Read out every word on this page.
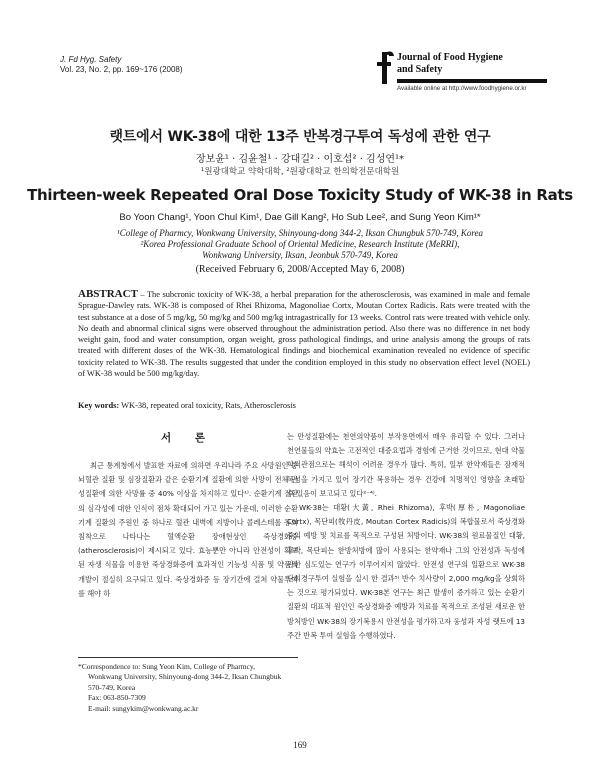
J. Fd Hyg. Safety
Vol. 23, No. 2, pp. 169~176 (2008)
Journal of Food Hygiene
and Safety
Available online at http://www.foodhygiene.or.kr
랫트에서 WK-38에 대한 13주 반복경구투여 독성에 관한 연구
장보윤¹ · 김윤철¹ · 강대길² · 이호섭² · 김성연¹*
¹원광대학교 약학대학, ²원광대학교 한의학전문대학원
Thirteen-week Repeated Oral Dose Toxicity Study of WK-38 in Rats
Bo Yoon Chang¹, Yoon Chul Kim¹, Dae Gill Kang², Ho Sub Lee², and Sung Yeon Kim¹*
¹College of Pharmcy, Wonkwang University, Shinyoung-dong 344-2, Iksan Chungbuk 570-749, Korea
²Korea Professional Graduate School of Oriental Medicine, Research Institute (MeRRI),
Wonkwang University, Iksan, Jeonbuk 570-749, Korea
(Received February 6, 2008/Accepted May 6, 2008)
ABSTRACT – The subcronic toxicity of WK-38, a herbal preparation for the atherosclerosis, was examined in male and female Sprague-Dawley rats. WK-38 is composed of Rhei Rhizoma, Magonoliae Cortx, Moutan Cortex Radicis. Rats were treated with the test substance at a dose of 5 mg/kg, 50 mg/kg and 500 mg/kg intragastrically for 13 weeks. Control rats were treated with vehicle only. No death and abnormal clinical signs were observed throughout the administration period. Also there was no difference in net body weight gain, food and water consumption, organ weight, gross pathological findings, and urine analysis among the groups of rats treated with different doses of the WK-38. Hematological findings and biochemical examination revealed no evidence of specific toxicity related to WK-38. The results suggested that under the condition employed in this study no observation effect level (NOEL) of WK-38 would be 500 mg/kg/day.
Key words: WK-38, repeated oral toxicity, Rats, Atherosclerosis
서 론

최근 통계청에서 발표한 자료에 의하면 우리나라 주요 사망원인 중 뇌혈관 질환 및 심장질환과 같은 순환기계 질환에 의한 사망이 전체 만성질환에 의한 사망률 중 40% 이상을 차지하고 있다¹⁾. 순환기계 질환의 심각성에 대한 인식이 점차 확대되어 가고 있는 가운데, 이러한 순환기계 질환의 주원인 중 하나로 혈관 내벽에 지방이나 콜레스테롤 등의 침착으로 나타나는 혈액순환 장애현상인 죽상경화증(atherosclerosis)이 제시되고 있다. 효능뿐만 아니라 안전성이 확보된 자생 식물을 이용한 죽상경화증에 효과적인 기능성 식품 및 약품의 개발이 절실히 요구되고 있다. 죽상경화증 등 장기간에 걸쳐 약물투여를 해야 하

는 만성질환에는 천연의약품이 부작용면에서 매우 유리할 수 있다. 그러나 천연물들의 약효는 고전적인 대증요법과 경험에 근거한 것이므로, 현대 약물학적관점으로는 해석이 어려운 경우가 많다. 특히, 일부 한약재들은 잠재적 독성을 가지고 있어 장기간 복용하는 경우 건강에 치명적인 영향을 초래할 수 있음이 보고되고 있다²⁻⁴⁾.

WK-38는 대황(大黃, Rhei Rhizoma), 후박(厚朴, Magonoliae Cortx), 목단피(牧丹皮, Moutan Cortex Radicis)의 복합물로서 죽상경화증의 예방 및 치료를 목적으로 구성된 처방이다. WK-38의 원료물질인 대황, 후박, 목단피는 한방처방에 많이 사용되는 한약재나 그의 안전성과 독성에 관한 심도있는 연구가 이루어지지 않았다. 안전성 연구의 일환으로 WK-38 단회경구투여 실험을 실시 한 결과⁵⁾ 반수 치사량이 2,000 mg/kg을 상회하는 것으로 평가되었다. WK-38본 연구는 최근 발생이 증가하고 있는 순환기질환의 대표적 원인인 죽상경화증 예방과 치료를 목적으로 조성된 새로운 한방처방인 WK-38의 장기복용시 안전성을 평가하고자 웅성과 자성 랫트에 13주간 반복 투여 실험을 수행하였다.

*Correspondence to: Sung Yeon Kim, College of Pharmcy,
Wonkwang University, Shinyoung-dong 344-2, Iksan Chungbuk
570-749, Korea
Fax: 063-850-7309
E-mail: sungykim@wonkwang.ac.kr
169
